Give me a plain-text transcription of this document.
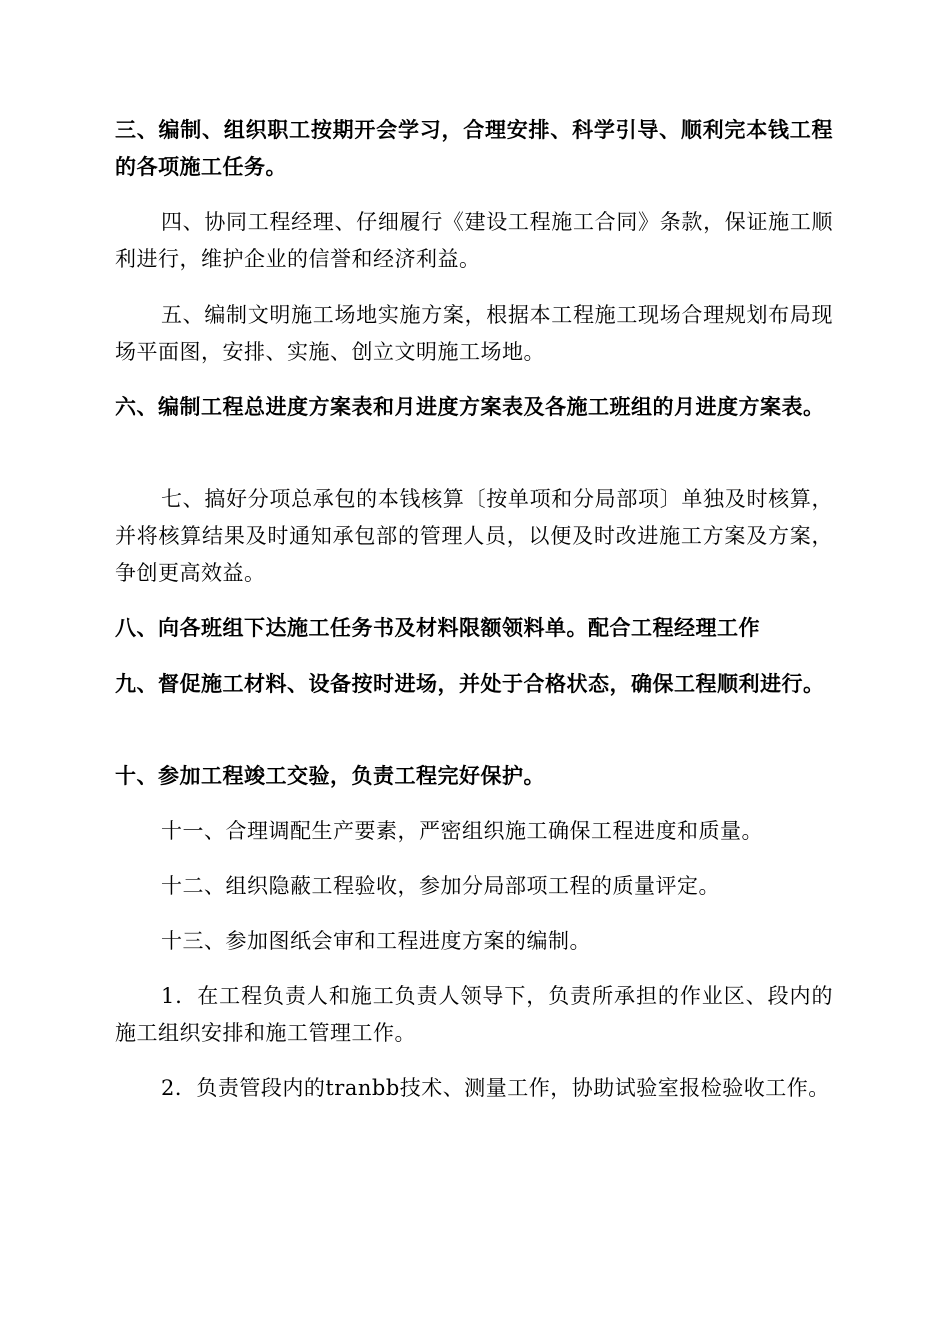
三、编制、组织职工按期开会学习，合理安排、科学引导、顺利完本钱工程的各项施工任务。

四、协同工程经理、仔细履行《建设工程施工合同》条款，保证施工顺利进行，维护企业的信誉和经济利益。

五、编制文明施工场地实施方案，根据本工程施工现场合理规划布局现场平面图，安排、实施、创立文明施工场地。

六、编制工程总进度方案表和月进度方案表及各施工班组的月进度方案表。

七、搞好分项总承包的本钱核算〔按单项和分局部项〕单独及时核算，并将核算结果及时通知承包部的管理人员，以便及时改进施工方案及方案，争创更高效益。

八、向各班组下达施工任务书及材料限额领料单。配合工程经理工作

九、督促施工材料、设备按时进场，并处于合格状态，确保工程顺利进行。

十、参加工程竣工交验，负责工程完好保护。

十一、合理调配生产要素，严密组织施工确保工程进度和质量。

十二、组织隐蔽工程验收，参加分局部项工程的质量评定。

十三、参加图纸会审和工程进度方案的编制。

1．在工程负责人和施工负责人领导下，负责所承担的作业区、段内的施工组织安排和施工管理工作。

2．负责管段内的tranbb技术、测量工作，协助试验室报检验收工作。
